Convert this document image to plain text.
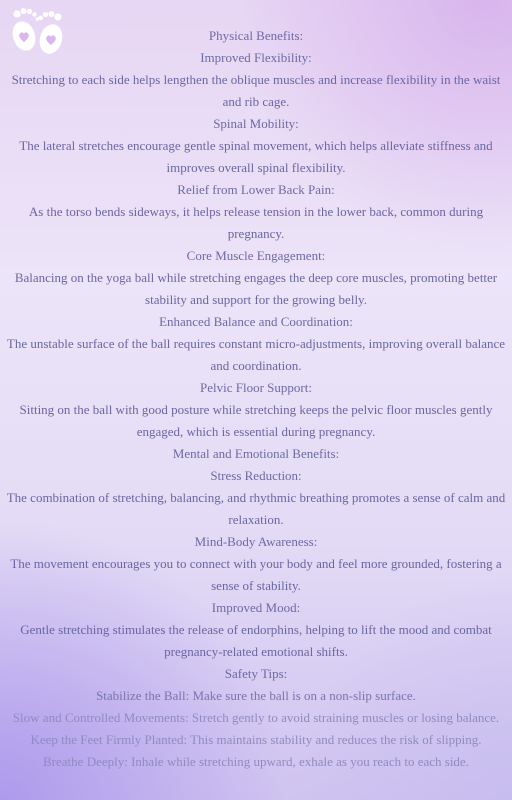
Physical Benefits:

Improved Flexibility:

Stretching to each side helps lengthen the oblique muscles and increase flexibility in the waist and rib cage.

Spinal Mobility:

The lateral stretches encourage gentle spinal movement, which helps alleviate stiffness and improves overall spinal flexibility.

Relief from Lower Back Pain:

As the torso bends sideways, it helps release tension in the lower back, common during pregnancy.

Core Muscle Engagement:

Balancing on the yoga ball while stretching engages the deep core muscles, promoting better stability and support for the growing belly.

Enhanced Balance and Coordination:

The unstable surface of the ball requires constant micro-adjustments, improving overall balance and coordination.

Pelvic Floor Support:

Sitting on the ball with good posture while stretching keeps the pelvic floor muscles gently engaged, which is essential during pregnancy.

Mental and Emotional Benefits:

Stress Reduction:

The combination of stretching, balancing, and rhythmic breathing promotes a sense of calm and relaxation.

Mind-Body Awareness:

The movement encourages you to connect with your body and feel more grounded, fostering a sense of stability.

Improved Mood:

Gentle stretching stimulates the release of endorphins, helping to lift the mood and combat pregnancy-related emotional shifts.

Safety Tips:

Stabilize the Ball: Make sure the ball is on a non-slip surface.

Slow and Controlled Movements: Stretch gently to avoid straining muscles or losing balance.

Keep the Feet Firmly Planted: This maintains stability and reduces the risk of slipping.

Breathe Deeply: Inhale while stretching upward, exhale as you reach to each side.
